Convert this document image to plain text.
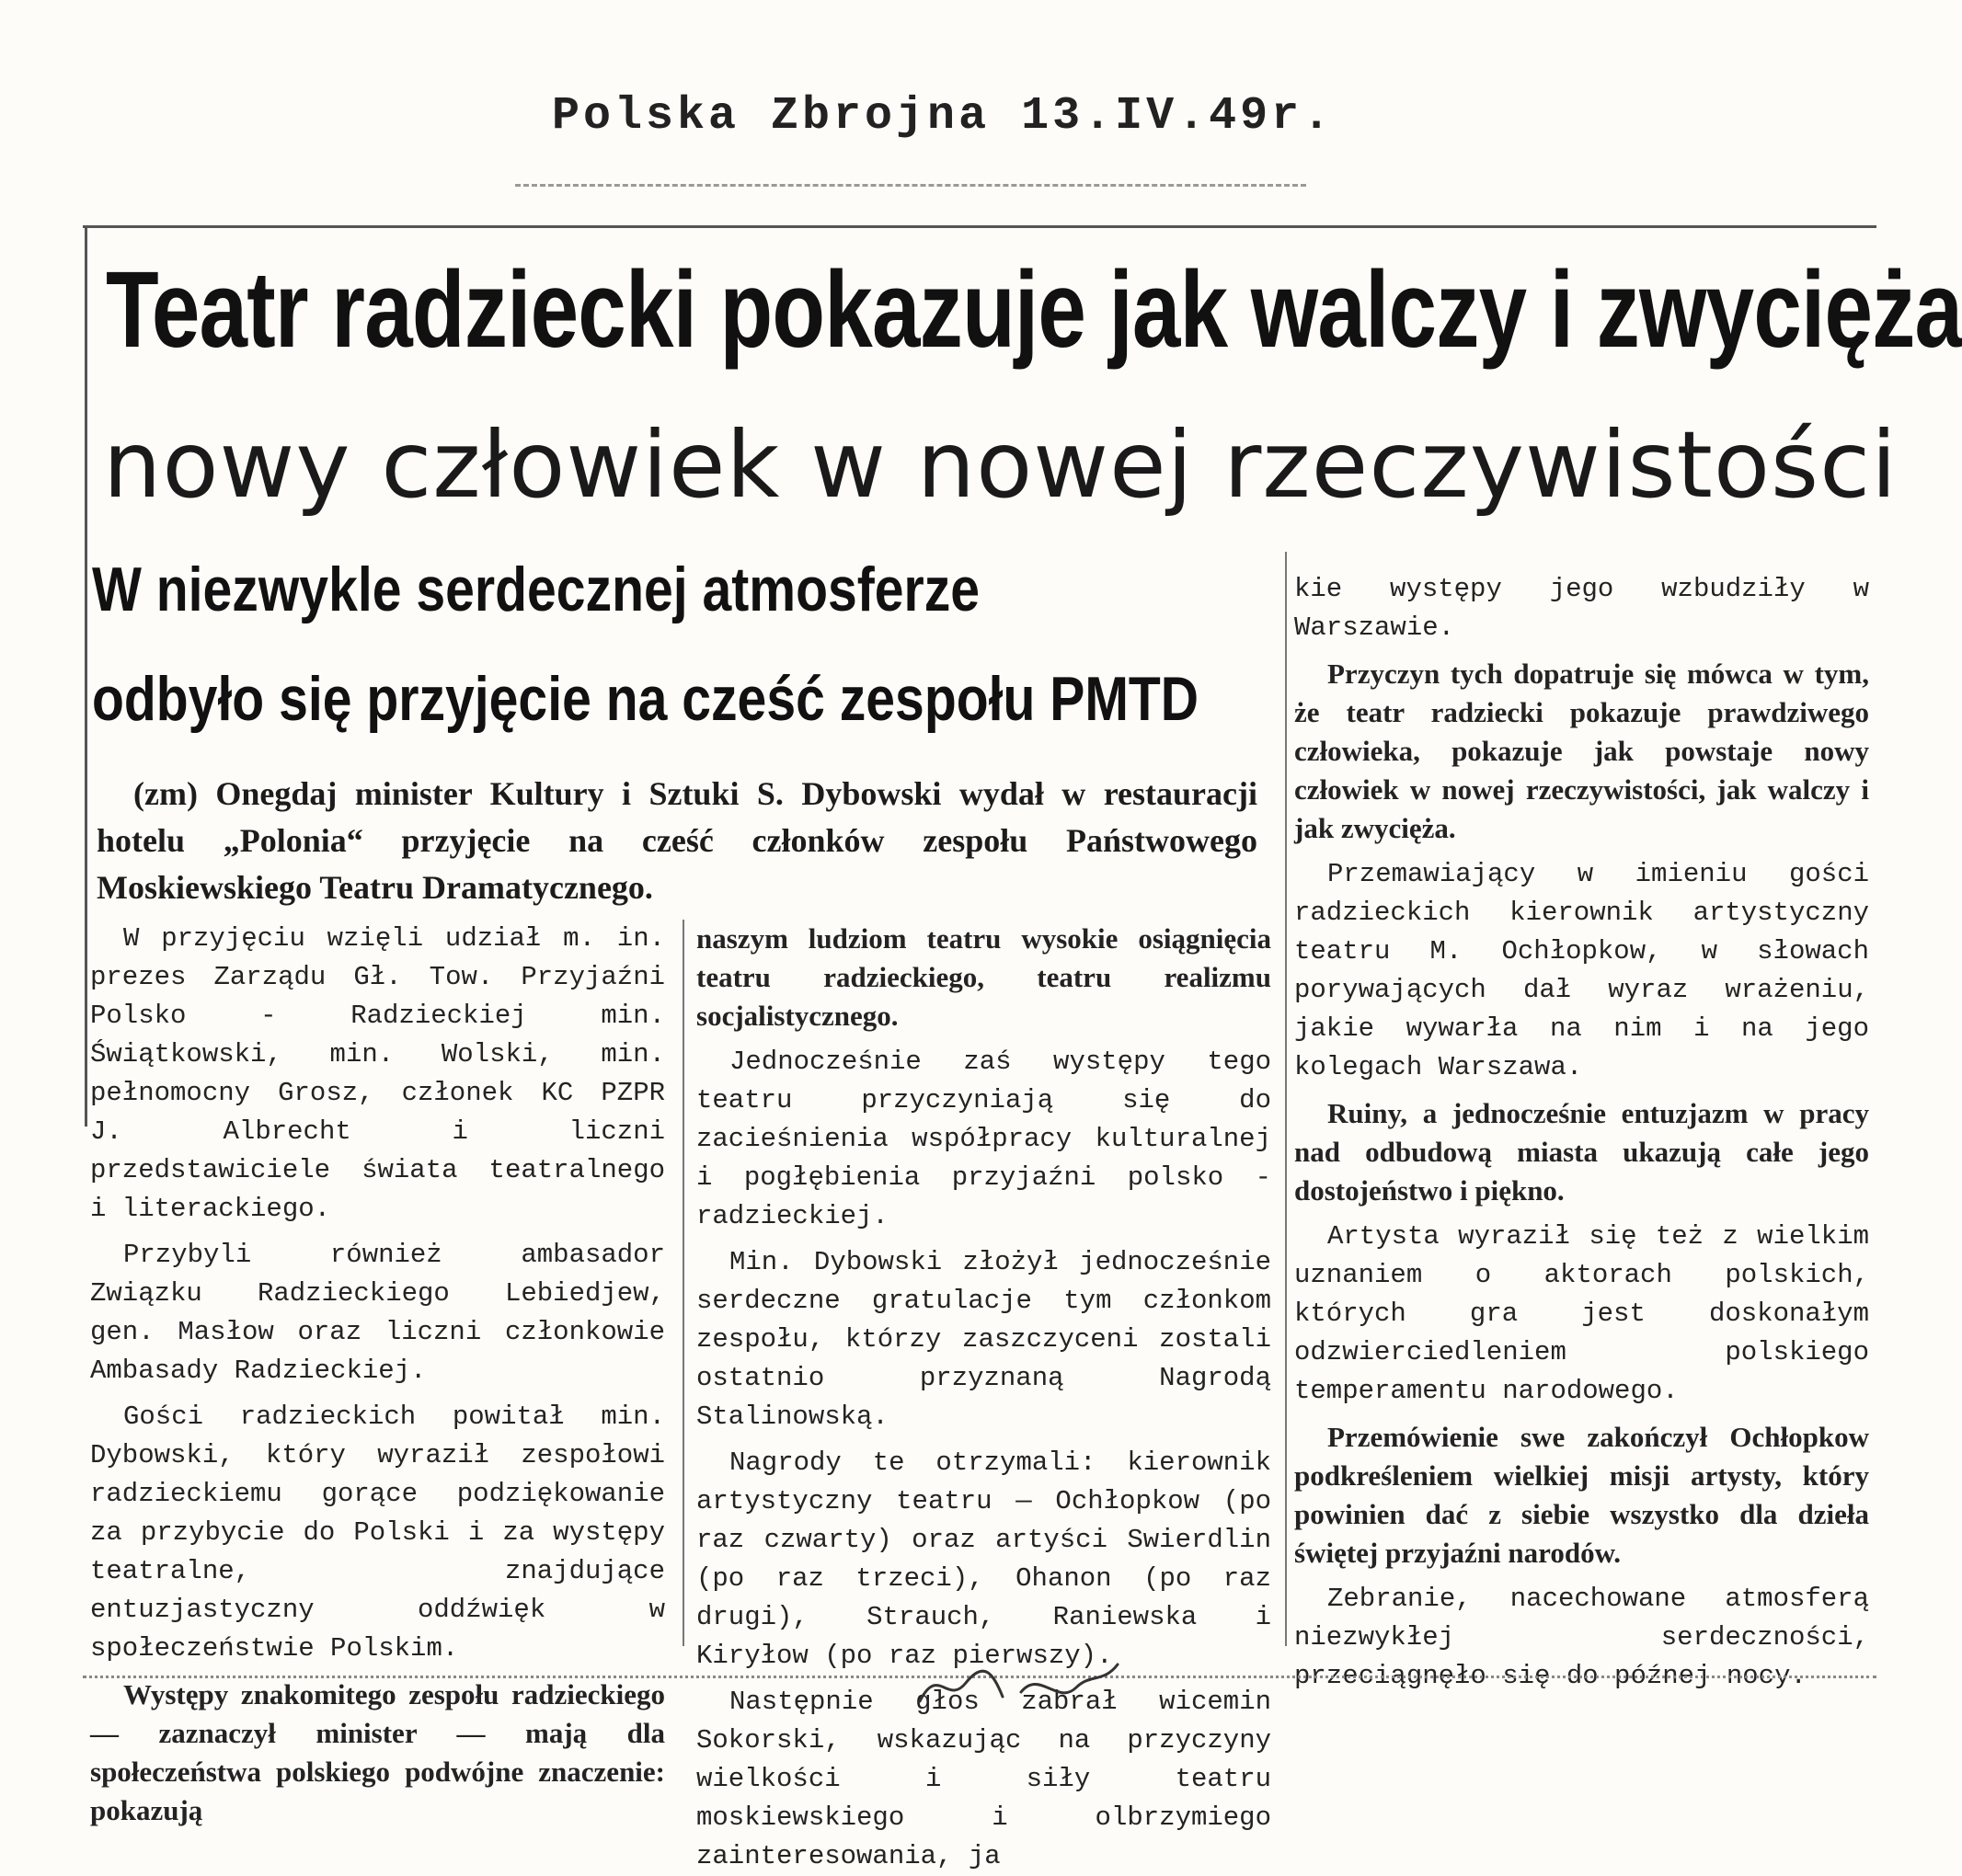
Polska Zbrojna 13.IV.49r.
Teatr radziecki pokazuje jak walczy i zwycięża
nowy człowiek w nowej rzeczywistości
W niezwykle serdecznej atmosferze
odbyło się przyjęcie na cześć zespołu PMTD

(zm) Onegdaj minister Kultury i Sztuki S. Dybowski wydał w restauracji hotelu „Polonia“ przyjęcie na cześć członków zespołu Państwowego Moskiewskiego Teatru Dramatycznego.

W przyjęciu wzięli udział m. in. prezes Zarządu Gł. Tow. Przyjaźni Polsko - Radzieckiej min. Świątkowski, min. Wolski, min. pełnomocny Grosz, członek KC PZPR J. Albrecht i liczni przedstawiciele świata teatralnego i literackiego.

Przybyli również ambasador Związku Radzieckiego Lebiedjew, gen. Masłow oraz liczni członkowie Ambasady Radzieckiej.

Gości radzieckich powitał min. Dybowski, który wyraził zespołowi radzieckiemu gorące podziękowanie za przybycie do Polski i za występy teatralne, znajdujące entuzjastyczny oddźwięk w społeczeństwie Polskim.

Występy znakomitego zespołu radzieckiego — zaznaczył minister — mają dla społeczeństwa polskiego podwójne znaczenie: pokazują

naszym ludziom teatru wysokie osiągnięcia teatru radzieckiego, teatru realizmu socjalistycznego.

Jednocześnie zaś występy tego teatru przyczyniają się do zacieśnienia współpracy kulturalnej i pogłębienia przyjaźni polsko - radzieckiej.

Min. Dybowski złożył jednocześnie serdeczne gratulacje tym członkom zespołu, którzy zaszczyceni zostali ostatnio przyznaną Nagrodą Stalinowską.

Nagrody te otrzymali: kierownik artystyczny teatru — Ochłopkow (po raz czwarty) oraz artyści Swierdlin (po raz trzeci), Ohanon (po raz drugi), Strauch, Raniewska i Kiryłow (po raz pierwszy).

Następnie głos zabrał wicemin Sokorski, wskazując na przyczyny wielkości i siły teatru moskiewskiego i olbrzymiego zainteresowania, ja

kie występy jego wzbudziły w Warszawie.

Przyczyn tych dopatruje się mówca w tym, że teatr radziecki pokazuje prawdziwego człowieka, pokazuje jak powstaje nowy człowiek w nowej rzeczywistości, jak walczy i jak zwycięża.

Przemawiający w imieniu gości radzieckich kierownik artystyczny teatru M. Ochłopkow, w słowach porywających dał wyraz wrażeniu, jakie wywarła na nim i na jego kolegach Warszawa.

Ruiny, a jednocześnie entuzjazm w pracy nad odbudową miasta ukazują całe jego dostojeństwo i piękno.

Artysta wyraził się też z wielkim uznaniem o aktorach polskich, których gra jest doskonałym odzwierciedleniem polskiego temperamentu narodowego.

Przemówienie swe zakończył Ochłopkow podkreśleniem wielkiej misji artysty, który powinien dać z siebie wszystko dla dzieła świętej przyjaźni narodów.

Zebranie, nacechowane atmosferą niezwykłej serdeczności, przeciągnęło się do późnej nocy.
